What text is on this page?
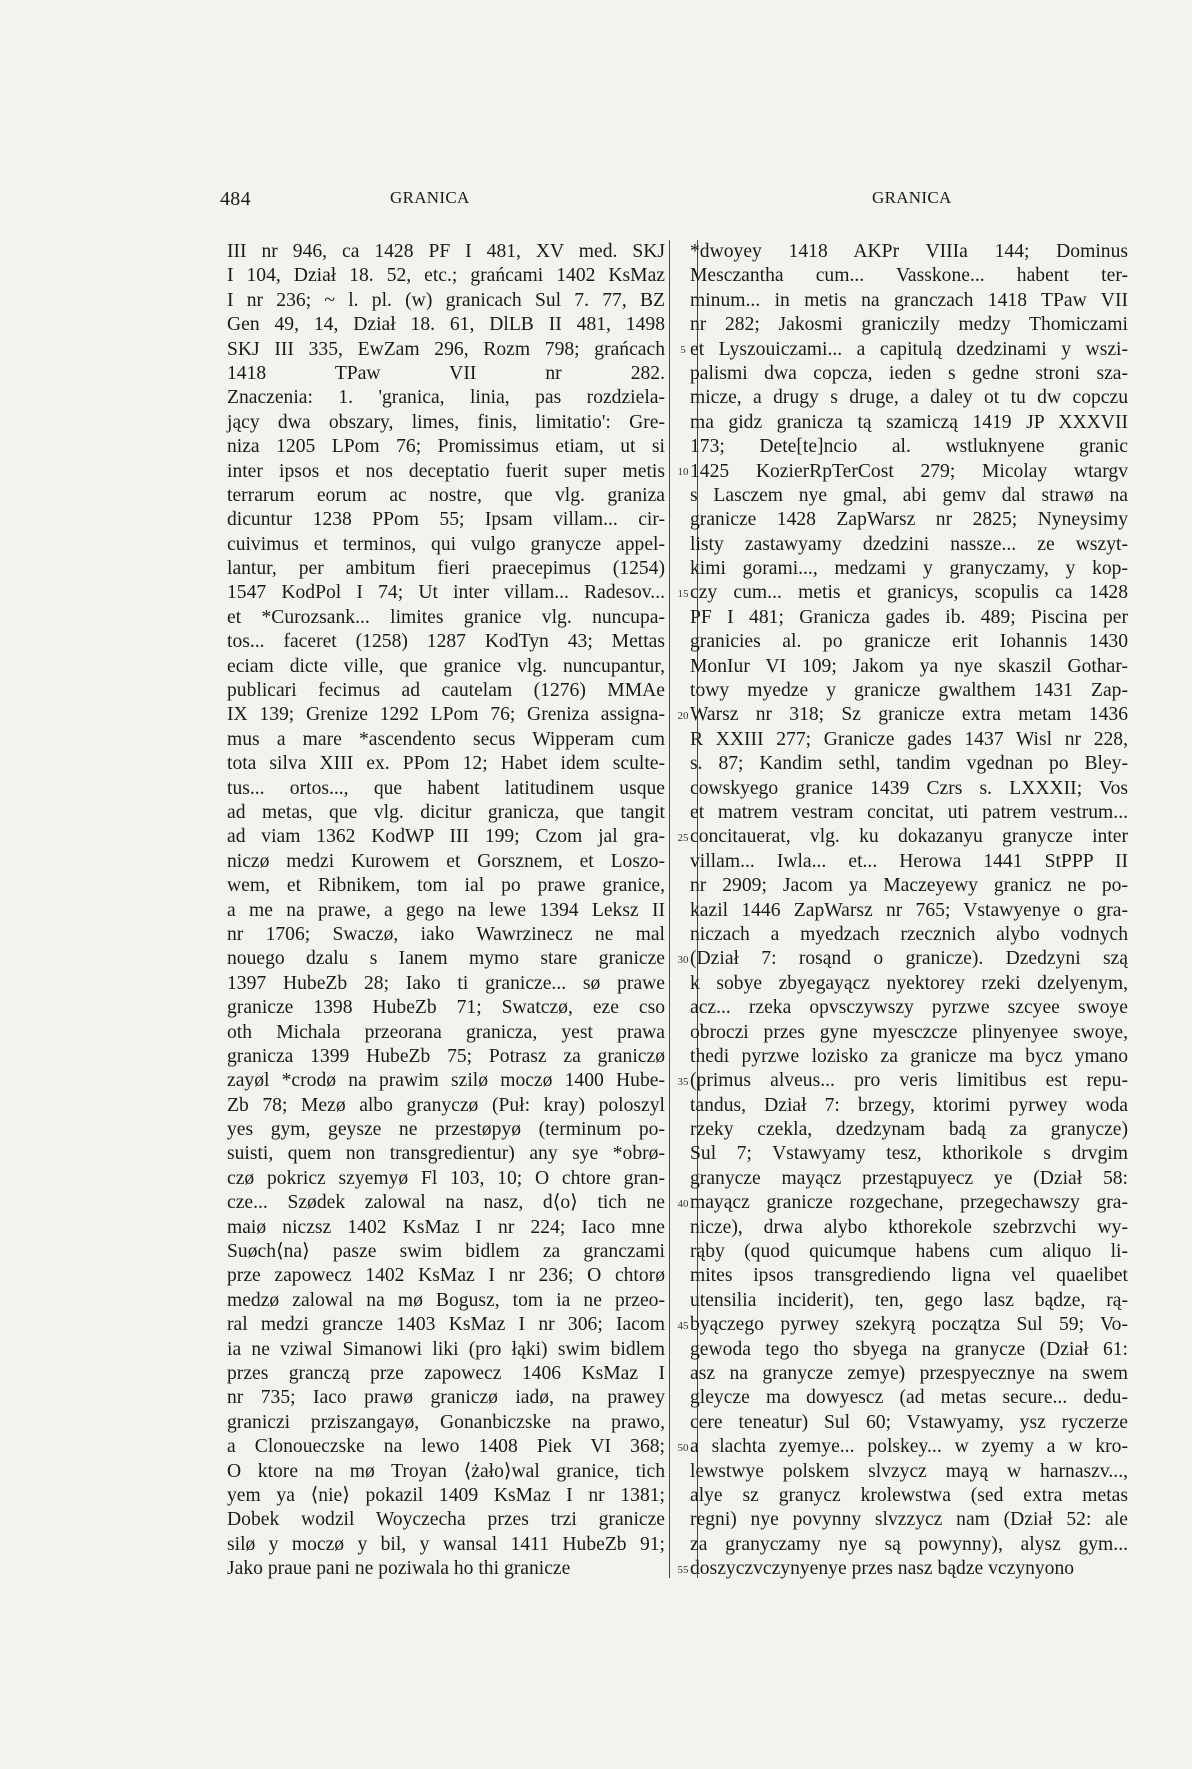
484	GRANICA	GRANICA
III nr 946, ca 1428 PF I 481, XV med. SKJ
I 104, Dział 18. 52, etc.; grańcami 1402 KsMaz
I nr 236; ~ l. pl. (w) granicach Sul 7. 77, BZ
Gen 49, 14, Dział 18. 61, DlLB II 481, 1498
SKJ III 335, EwZam 296, Rozm 798; grańcach
1418 TPaw VII nr 282.
Znaczenia: 1. 'granica, linia, pas rozdziela-
jący dwa obszary, limes, finis, limitatio': Gre-
niza 1205 LPom 76; Promissimus etiam, ut si
inter ipsos et nos deceptatio fuerit super metis
terrarum eorum ac nostre, que vlg. graniza
dicuntur 1238 PPom 55; Ipsam villam... cir-
cuivimus et terminos, qui vulgo granycze appel-
lantur, per ambitum fieri praecepimus (1254)
1547 KodPol I 74; Ut inter villam... Radesov...
et *Curozsank... limites granice vlg. nuncupa-
tos... faceret (1258) 1287 KodTyn 43; Mettas
eciam dicte ville, que granice vlg. nuncupantur,
publicari fecimus ad cautelam (1276) MMAe
IX 139; Grenize 1292 LPom 76; Greniza assigna-
mus a mare *ascendento secus Wipperam cum
tota silva XIII ex. PPom 12; Habet idem sculte-
tus... ortos..., que habent latitudinem usque
ad metas, que vlg. dicitur granicza, que tangit
ad viam 1362 KodWP III 199; Czom jal gra-
niczø medzi Kurowem et Gorsznem, et Loszo-
wem, et Ribnikem, tom ial po prawe granice,
a me na prawe, a gego na lewe 1394 Leksz II
nr 1706; Swaczø, iako Wawrzinecz ne mal
nouego dzalu s Ianem mymo stare granicze
1397 HubeZb 28; Iako ti granicze... sø prawe
granicze 1398 HubeZb 71; Swatczø, eze cso
oth Michala przeorana granicza, yest prawa
granicza 1399 HubeZb 75; Potrasz za graniczø
zayøl *crodø na prawim szilø moczø 1400 Hube-
Zb 78; Mezø albo granyczø (Puł: kray) poloszyl
yes gym, geysze ne przestøpyø (terminum po-
suisti, quem non transgredientur) any sye *obrø-
czø pokricz szyemyø Fl 103, 10; O chtore gran-
cze... Szødek zalowal na nasz, d⟨o⟩ tich ne
maiø niczsz 1402 KsMaz I nr 224; Iaco mne
Suøch⟨na⟩ pasze swim bidlem za granczami
prze zapowecz 1402 KsMaz I nr 236; O chtorø
medzø zalowal na mø Bogusz, tom ia ne przeo-
ral medzi grancze 1403 KsMaz I nr 306; Iacom
ia ne vziwal Simanowi liki (pro łąki) swim bidlem
przes granczą prze zapowecz 1406 KsMaz I
nr 735; Iaco prawø graniczø iadø, na prawey
graniczi prziszangayø, Gonanbiczske na prawo,
a Clonoueczske na lewo 1408 Piek VI 368;
O ktore na mø Troyan ⟨żało⟩wal granice, tich
yem ya ⟨nie⟩ pokazil 1409 KsMaz I nr 1381;
Dobek wodzil Woyczecha przes trzi granicze
silø y moczø y bil, y wansal 1411 HubeZb 91;
Jako praue pani ne poziwala ho thi granicze
5
10
15
20
25
30
35
40
45
50
55
*dwoyey 1418 AKPr VIIIa 144; Dominus
Mesczantha cum... Vasskone... habent ter-
minum... in metis na granczach 1418 TPaw VII
nr 282; Jakosmi graniczily medzy Thomiczami
et Lyszouiczami... a capitulą dzedzinami y wszi-
palismi dwa copcza, ieden s gedne stroni sza-
micze, a drugy s druge, a daley ot tu dw copczu
ma gidz granicza tą szamiczą 1419 JP XXXVII
173; Dete[te]ncio al. wstluknyene granic
1425 KozierRpTerCost 279; Micolay wtargv
s Lasczem nye gmal, abi gemv dal strawø na
granicze 1428 ZapWarsz nr 2825; Nyneysimy
listy zastawyamy dzedzini nassze... ze wszyt-
kimi gorami..., medzami y granyczamy, y kop-
czy cum... metis et granicys, scopulis ca 1428
PF I 481; Granicza gades ib. 489; Piscina per
granicies al. po granicze erit Iohannis 1430
MonIur VI 109; Jakom ya nye skaszil Gothar-
towy myedze y granicze gwalthem 1431 Zap-
Warsz nr 318; Sz granicze extra metam 1436
R XXIII 277; Granicze gades 1437 Wisl nr 228,
s. 87; Kandim sethl, tandim vgednan po Bley-
cowskyego granice 1439 Czrs s. LXXXII; Vos
et matrem vestram concitat, uti patrem vestrum...
concitauerat, vlg. ku dokazanyu granycze inter
villam... Iwla... et... Herowa 1441 StPPP II
nr 2909; Jacom ya Maczeyewy granicz ne po-
kazil 1446 ZapWarsz nr 765; Vstawyenye o gra-
niczach a myedzach rzecznich alybo vodnych
(Dział 7: rosąnd o granicze). Dzedzyni szą
k sobye zbyegayącz nyektorey rzeki dzelyenym,
acz... rzeka opvsczywszy pyrzwe szcyee swoye
obroczi przes gyne myesczcze plinyenyee swoye,
thedi pyrzwe lozisko za granicze ma bycz ymano
(primus alveus... pro veris limitibus est repu-
tandus, Dział 7: brzegy, ktorimi pyrwey woda
rzeky czekla, dzedzynam badą za granycze)
Sul 7; Vstawyamy tesz, kthorikole s drvgim
granycze mayącz przestąpuyecz ye (Dział 58:
mayącz granicze rozgechane, przegechawszy gra-
nicze), drwa alybo kthorekole szebrzvchi wy-
rąby (quod quicumque habens cum aliquo li-
mites ipsos transgrediendo ligna vel quaelibet
utensilia inciderit), ten, gego lasz bądze, rą-
byączego pyrwey szekyrą początza Sul 59; Vo-
gewoda tego tho sbyega na granycze (Dział 61:
asz na granycze zemye) przespyecznye na swem
gleycze ma dowyescz (ad metas secure... dedu-
cere teneatur) Sul 60; Vstawyamy, ysz ryczerze
a slachta zyemye... polskey... w zyemy a w kro-
lewstwye polskem slvzycz mayą w harnaszv...,
alye sz granycz krolewstwa (sed extra metas
regni) nye povynny slvzzycz nam (Dział 52: ale
za granyczamy nye są powynny), alysz gym...
doszyczvczynyenye przes nasz bądze vczynyono
